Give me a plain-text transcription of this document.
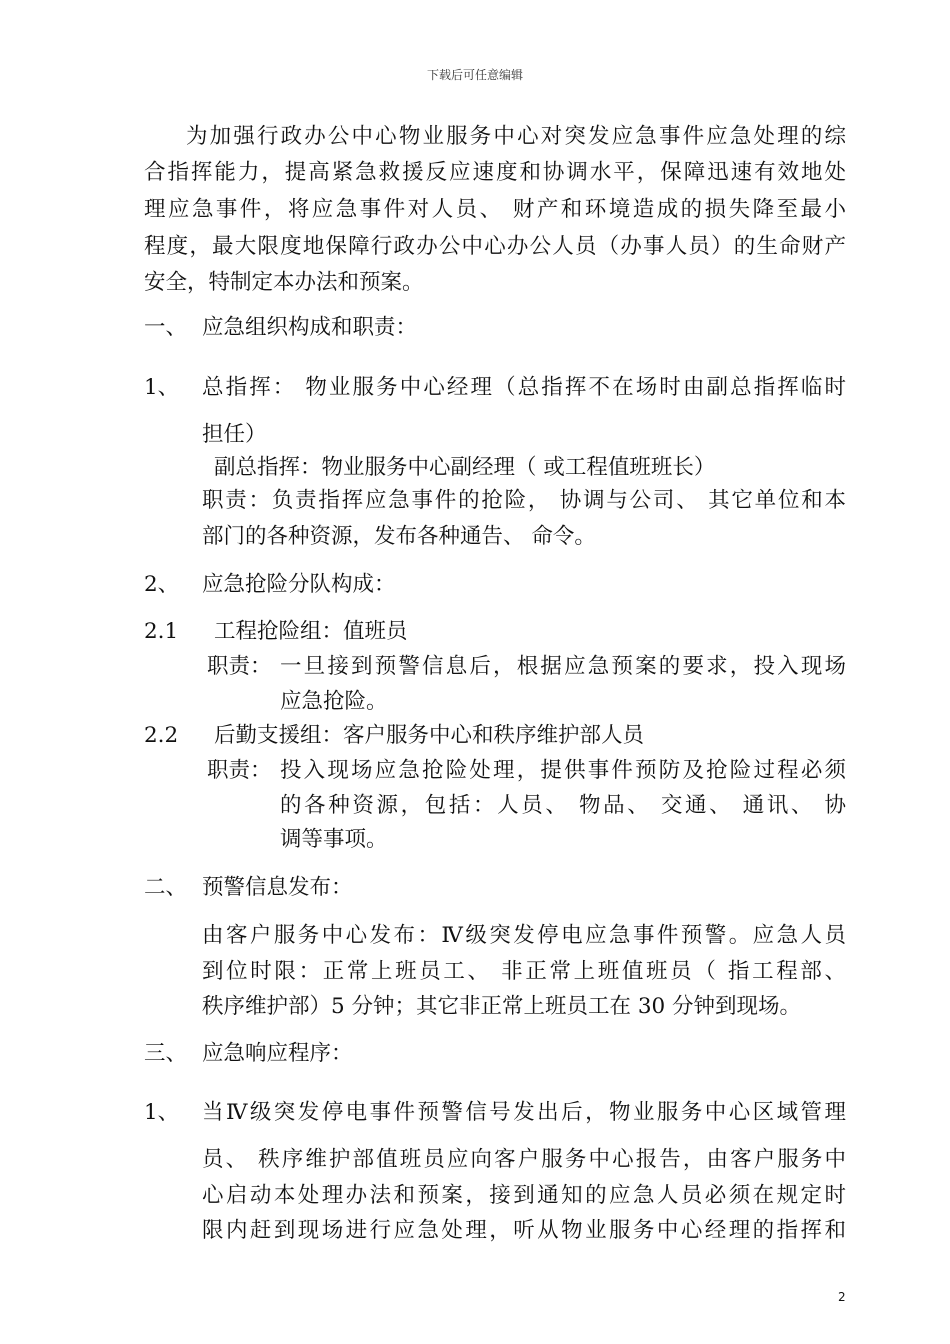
下载后可任意编辑
为加强行政办公中心物业服务中心对突发应急事件应急处理的综
合指挥能力，提高紧急救援反应速度和协调水平，保障迅速有效地处
理应急事件，将应急事件对人员、 财产和环境造成的损失降至最小
程度，最大限度地保障行政办公中心办公人员（办事人员）的生命财产
安全，特制定本办法和预案。
一、 应急组织构成和职责：
1、 总指挥： 物业服务中心经理（总指挥不在场时由副总指挥临时
担任）
副总指挥：物业服务中心副经理（ 或工程值班班长）
职责：负责指挥应急事件的抢险， 协调与公司、 其它单位和本
部门的各种资源，发布各种通告、 命令。
2、 应急抢险分队构成：
2.1 工程抢险组：值班员
职责： 一旦接到预警信息后，根据应急预案的要求，投入现场
应急抢险。
2.2 后勤支援组：客户服务中心和秩序维护部人员
职责： 投入现场应急抢险处理，提供事件预防及抢险过程必须
的各种资源，包括：人员、 物品、 交通、 通讯、 协
调等事项。
二、 预警信息发布：
由客户服务中心发布：Ⅳ级突发停电应急事件预警。应急人员
到位时限：正常上班员工、 非正常上班值班员（ 指工程部、
秩序维护部）5 分钟；其它非正常上班员工在 30 分钟到现场。
三、 应急响应程序：
1、 当Ⅳ级突发停电事件预警信号发出后，物业服务中心区域管理
员、 秩序维护部值班员应向客户服务中心报告，由客户服务中
心启动本处理办法和预案，接到通知的应急人员必须在规定时
限内赶到现场进行应急处理，听从物业服务中心经理的指挥和
2
